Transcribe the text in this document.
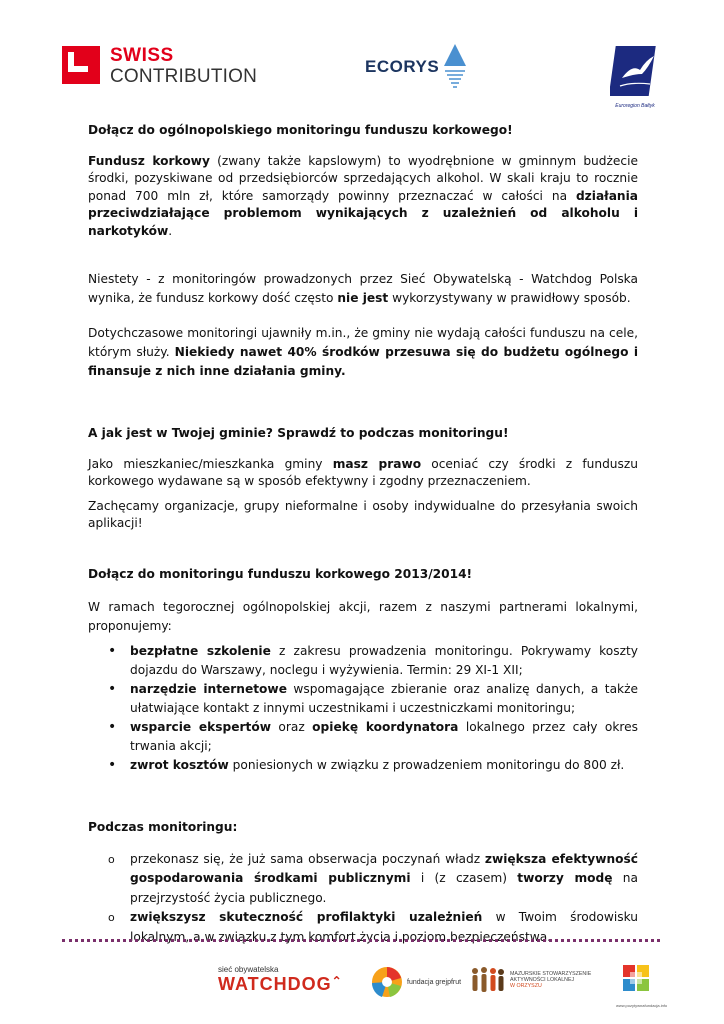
SWISS
CONTRIBUTION	ECORYS
Euroregion Bałtyk

Dołącz do ogólnopolskiego monitoringu funduszu korkowego!

Fundusz korkowy (zwany także kapslowym) to wyodrębnione w gminnym budżecie środki, pozyskiwane od przedsiębiorców sprzedających alkohol. W skali kraju to rocznie ponad 700 mln zł, które samorządy powinny przeznaczać w całości na działania przeciwdziałające problemom wynikających z uzależnień od alkoholu i narkotyków.

Niestety - z monitoringów prowadzonych przez Sieć Obywatelską - Watchdog Polska wynika, że fundusz korkowy dość często nie jest wykorzystywany w prawidłowy sposób.

Dotychczasowe monitoringi ujawniły m.in., że gminy nie wydają całości funduszu na cele, którym służy. Niekiedy nawet 40% środków przesuwa się do budżetu ogólnego i finansuje z nich inne działania gminy.

A jak jest w Twojej gminie? Sprawdź to podczas monitoringu!

Jako mieszkaniec/mieszkanka gminy masz prawo oceniać czy środki z funduszu korkowego wydawane są w sposób efektywny i zgodny przeznaczeniem.

Zachęcamy organizacje, grupy nieformalne i osoby indywidualne do przesyłania swoich aplikacji!

Dołącz do monitoringu funduszu korkowego 2013/2014!

W ramach tegorocznej ogólnopolskiej akcji, razem z naszymi partnerami lokalnymi, proponujemy:

• bezpłatne szkolenie z zakresu prowadzenia monitoringu. Pokrywamy koszty dojazdu do Warszawy, noclegu i wyżywienia. Termin: 29 XI-1 XII;
• narzędzie internetowe wspomagające zbieranie oraz analizę danych, a także ułatwiające kontakt z innymi uczestnikami i uczestniczkami monitoringu;
• wsparcie ekspertów oraz opiekę koordynatora lokalnego przez cały okres trwania akcji;
• zwrot kosztów poniesionych w związku z prowadzeniem monitoringu do 800 zł.

Podczas monitoringu:

o przekonasz się, że już sama obserwacja poczynań władz zwiększa efektywność gospodarowania środkami publicznymi i (z czasem) tworzy modę na przejrzystość życia publicznego.
o zwiększysz skuteczność profilaktyki uzależnień w Twoim środowisku lokalnym, a w związku z tym komfort życia i poziom bezpieczeństwa.
sieć obywatelska
WATCHDOG⌃	fundacja grejpfrut
MAZURSKIE STOWARZYSZENIE
AKTYWNOŚCI LOKALNEJ
W ORZYSZU
www.pozytywnafundacja.info
